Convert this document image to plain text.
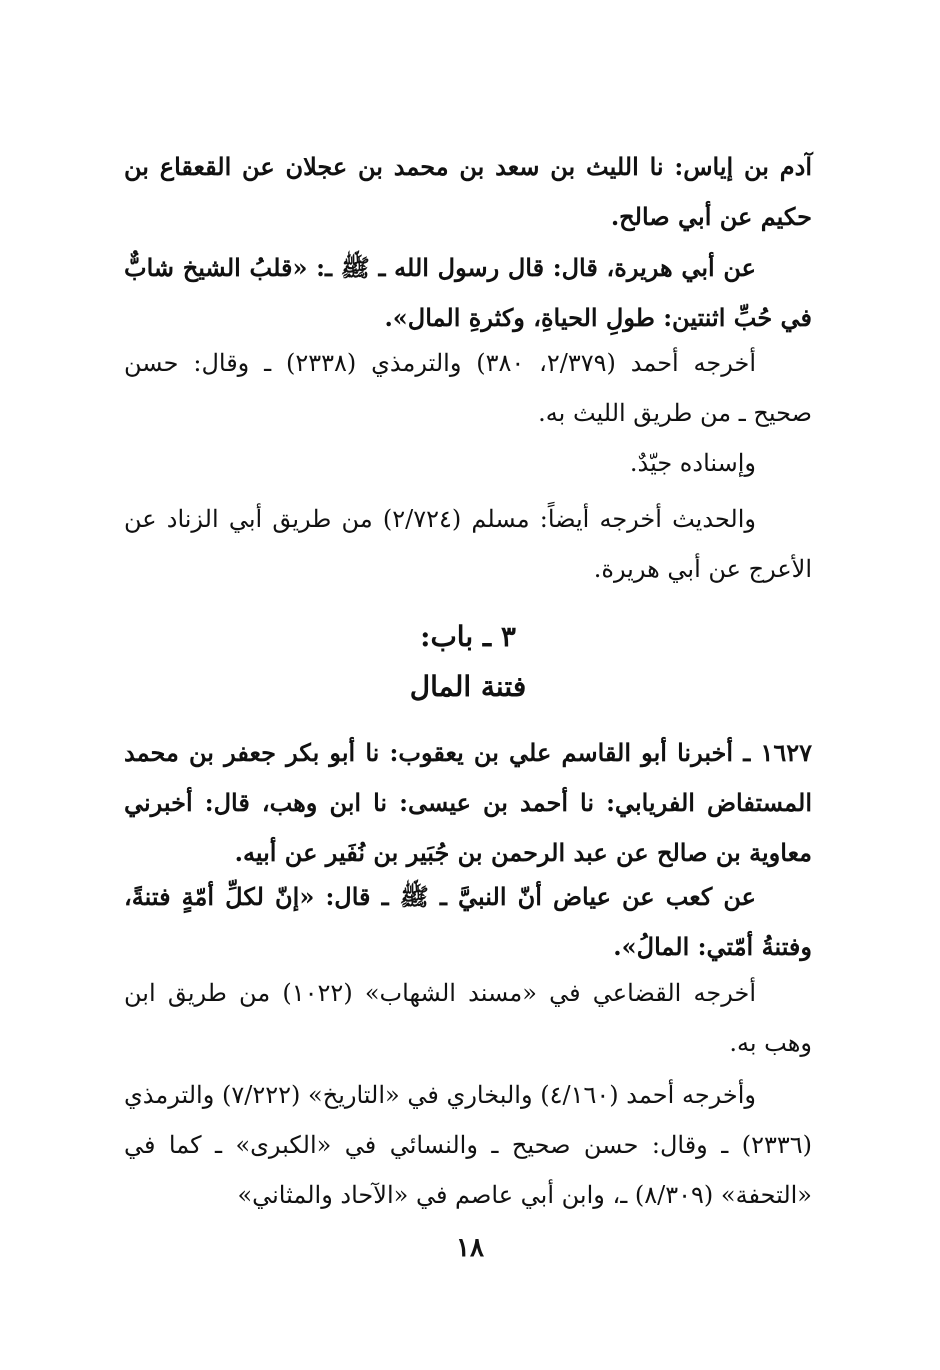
آدم بن إياس: نا الليث بن سعد بن محمد بن عجلان عن القعقاع بن حكيم عن أبي صالح.

عن أبي هريرة، قال: قال رسول الله ـ ﷺ ـ: «قلبُ الشيخ شابٌّ في حُبِّ اثنتين: طولِ الحياةِ، وكثرةِ المال».

أخرجه أحمد (٢/٣٧٩، ٣٨٠) والترمذي (٢٣٣٨) ـ وقال: حسن صحيح ـ من طريق الليث به.

وإسناده جيّدٌ.

والحديث أخرجه أيضاً: مسلم (٢/٧٢٤) من طريق أبي الزناد عن الأعرج عن أبي هريرة.

٣ ـ باب:
فتنة المال

١٦٢٧ ـ أخبرنا أبو القاسم علي بن يعقوب: نا أبو بكر جعفر بن محمد المستفاض الفريابي: نا أحمد بن عيسى: نا ابن وهب، قال: أخبرني معاوية بن صالح عن عبد الرحمن بن جُبَير بن نُفَير عن أبيه.

عن كعب عن عياض أنّ النبيَّ ـ ﷺ ـ قال: «إنّ لكلِّ أمّةٍ فتنةً، وفتنةُ أمّتي: المالُ».

أخرجه القضاعي في «مسند الشهاب» (١٠٢٢) من طريق ابن وهب به.

وأخرجه أحمد (٤/١٦٠) والبخاري في «التاريخ» (٧/٢٢٢) والترمذي (٢٣٣٦) ـ وقال: حسن صحيح ـ والنسائي في «الكبرى» ـ كما في «التحفة» (٨/٣٠٩) ـ، وابن أبي عاصم في «الآحاد والمثاني»

١٨
